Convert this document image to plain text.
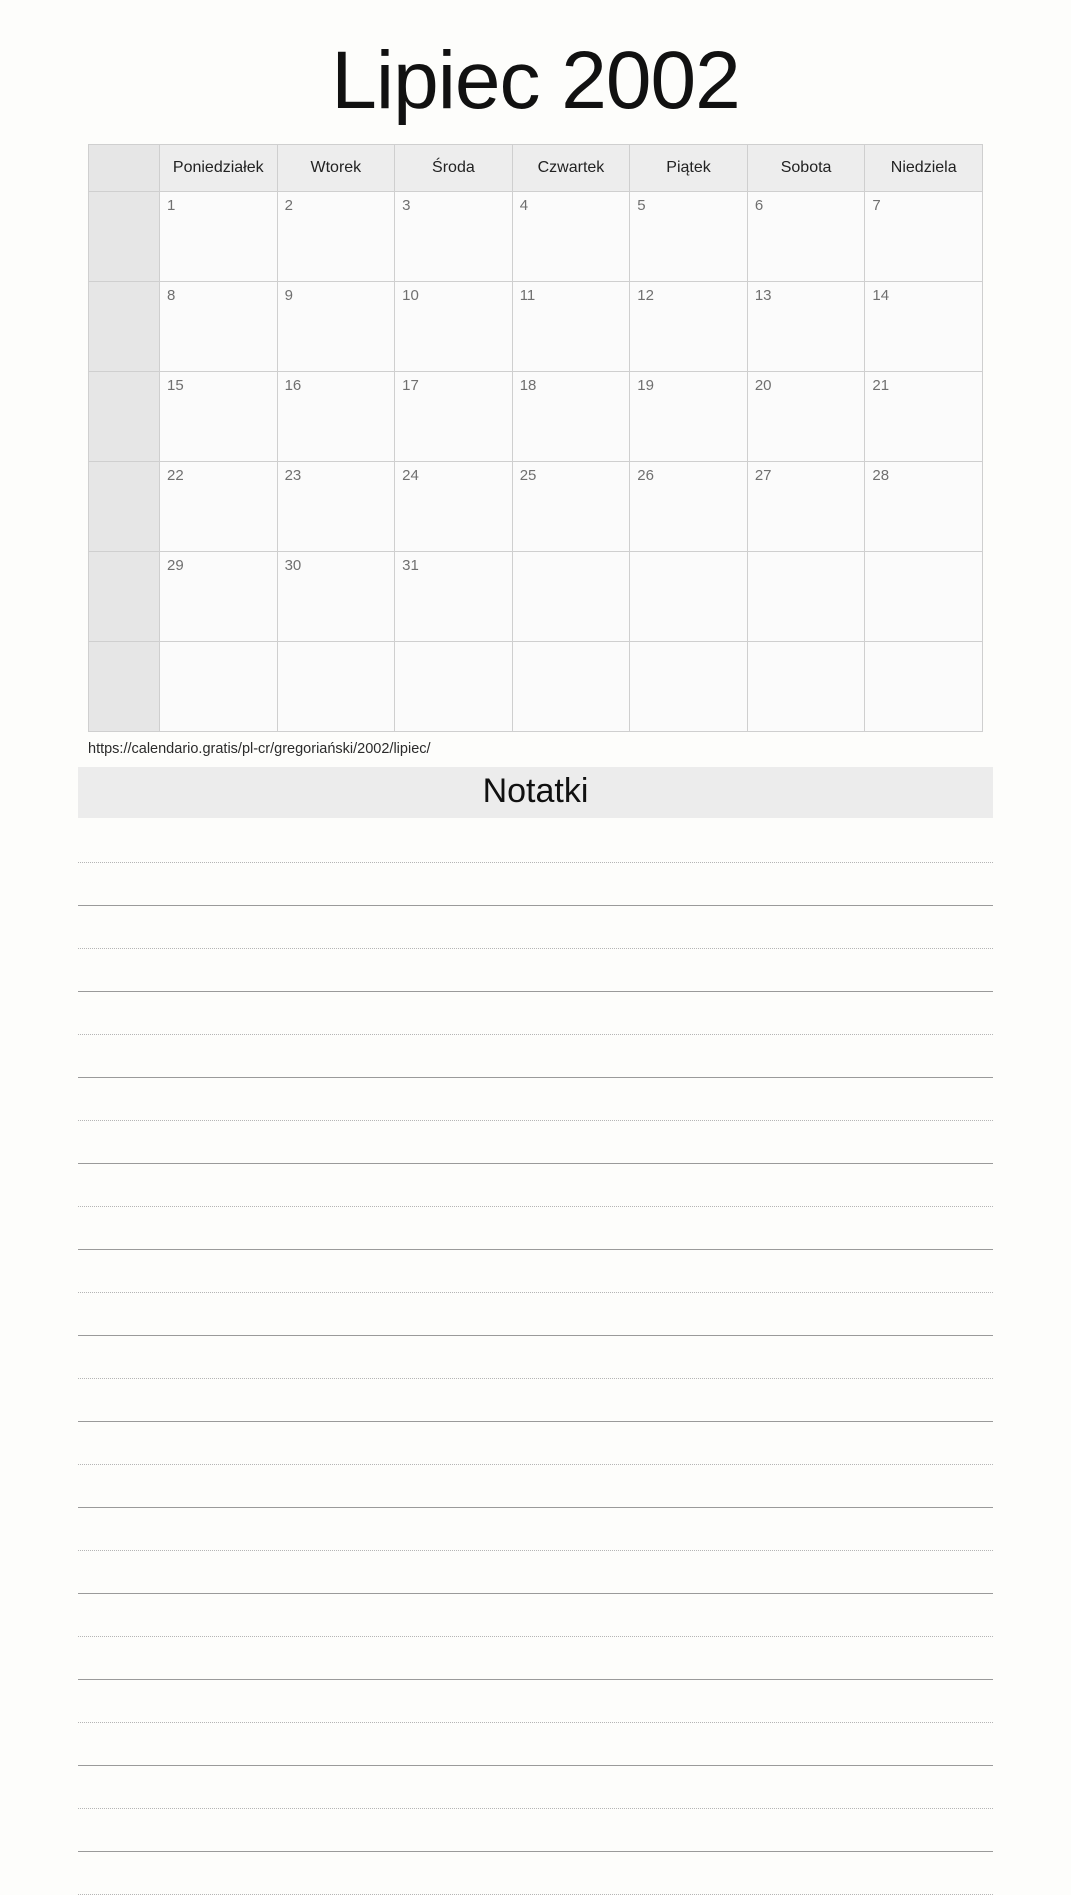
Lipiec 2002
	Poniedziałek	Wtorek	Środa	Czwartek	Piątek	Sobota	Niedziela
	1	2	3	4	5	6	7
	8	9	10	11	12	13	14
	15	16	17	18	19	20	21
	22	23	24	25	26	27	28
	29	30	31				

https://calendario.gratis/pl-cr/gregoriański/2002/lipiec/
Notatki
